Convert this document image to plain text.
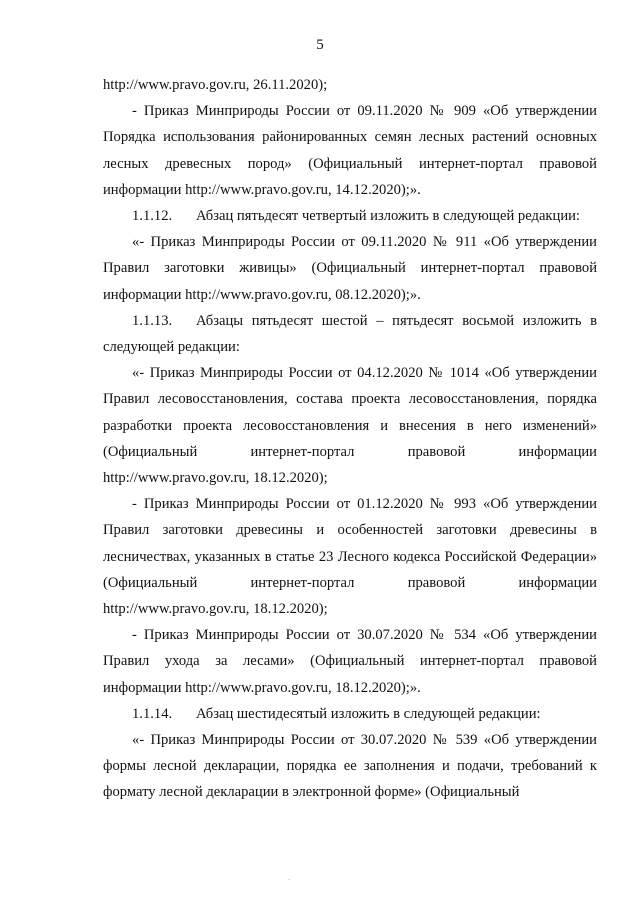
5

http://www.pravo.gov.ru, 26.11.2020);

- Приказ Минприроды России от 09.11.2020 № 909 «Об утверждении Порядка использования районированных семян лесных растений основных лесных древесных пород» (Официальный интернет-портал правовой информации http://www.pravo.gov.ru, 14.12.2020);».

1.1.12. Абзац пятьдесят четвертый изложить в следующей редакции:

«- Приказ Минприроды России от 09.11.2020 № 911 «Об утверждении Правил заготовки живицы» (Официальный интернет-портал правовой информации http://www.pravo.gov.ru, 08.12.2020);».

1.1.13. Абзацы пятьдесят шестой – пятьдесят восьмой изложить в следующей редакции:

«- Приказ Минприроды России от 04.12.2020 № 1014 «Об утверждении Правил лесовосстановления, состава проекта лесовосстановления, порядка разработки проекта лесовосстановления и внесения в него изменений» (Официальный интернет-портал правовой информации http://www.pravo.gov.ru, 18.12.2020);

- Приказ Минприроды России от 01.12.2020 № 993 «Об утверждении Правил заготовки древесины и особенностей заготовки древесины в лесничествах, указанных в статье 23 Лесного кодекса Российской Федерации» (Официальный интернет-портал правовой информации http://www.pravo.gov.ru, 18.12.2020);

- Приказ Минприроды России от 30.07.2020 № 534 «Об утверждении Правил ухода за лесами» (Официальный интернет-портал правовой информации http://www.pravo.gov.ru, 18.12.2020);».

1.1.14. Абзац шестидесятый изложить в следующей редакции:

«- Приказ Минприроды России от 30.07.2020 № 539 «Об утверждении формы лесной декларации, порядка ее заполнения и подачи, требований к формату лесной декларации в электронной форме» (Официальный
